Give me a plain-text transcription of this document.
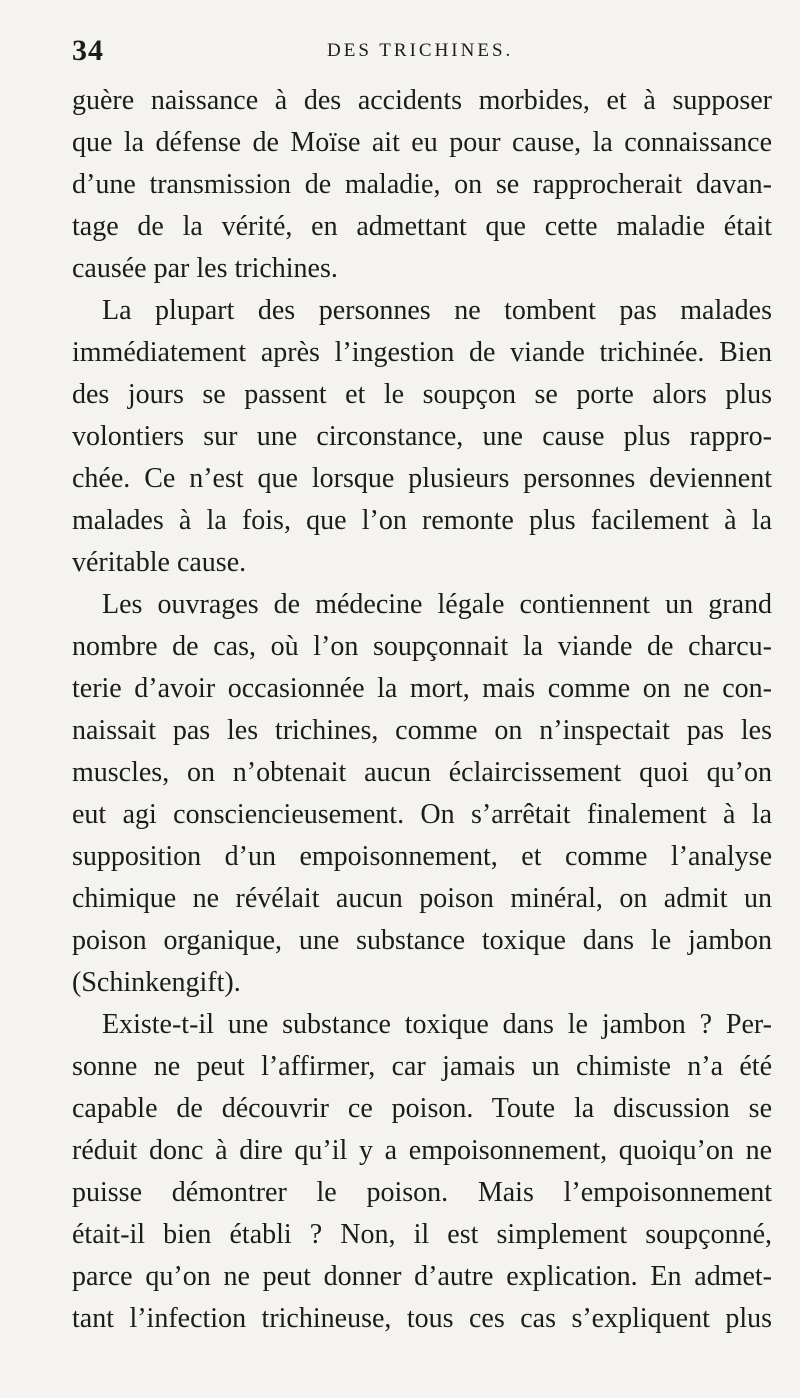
34	DES TRICHINES.
guère naissance à des accidents morbides, et à supposer
que la défense de Moïse ait eu pour cause, la connaissance
d’une transmission de maladie, on se rapprocherait davan-
tage de la vérité, en admettant que cette maladie était
causée par les trichines.
La plupart des personnes ne tombent pas malades
immédiatement après l’ingestion de viande trichinée. Bien
des jours se passent et le soupçon se porte alors plus
volontiers sur une circonstance, une cause plus rappro-
chée. Ce n’est que lorsque plusieurs personnes deviennent
malades à la fois, que l’on remonte plus facilement à la
véritable cause.
Les ouvrages de médecine légale contiennent un grand
nombre de cas, où l’on soupçonnait la viande de charcu-
terie d’avoir occasionnée la mort, mais comme on ne con-
naissait pas les trichines, comme on n’inspectait pas les
muscles, on n’obtenait aucun éclaircissement quoi qu’on
eut agi consciencieusement. On s’arrêtait finalement à la
supposition d’un empoisonnement, et comme l’analyse
chimique ne révélait aucun poison minéral, on admit un
poison organique, une substance toxique dans le jambon
(Schinkengift).
Existe-t-il une substance toxique dans le jambon ? Per-
sonne ne peut l’affirmer, car jamais un chimiste n’a été
capable de découvrir ce poison. Toute la discussion se
réduit donc à dire qu’il y a empoisonnement, quoiqu’on ne
puisse démontrer le poison. Mais l’empoisonnement
était-il bien établi ? Non, il est simplement soupçonné,
parce qu’on ne peut donner d’autre explication. En admet-
tant l’infection trichineuse, tous ces cas s’expliquent plus
